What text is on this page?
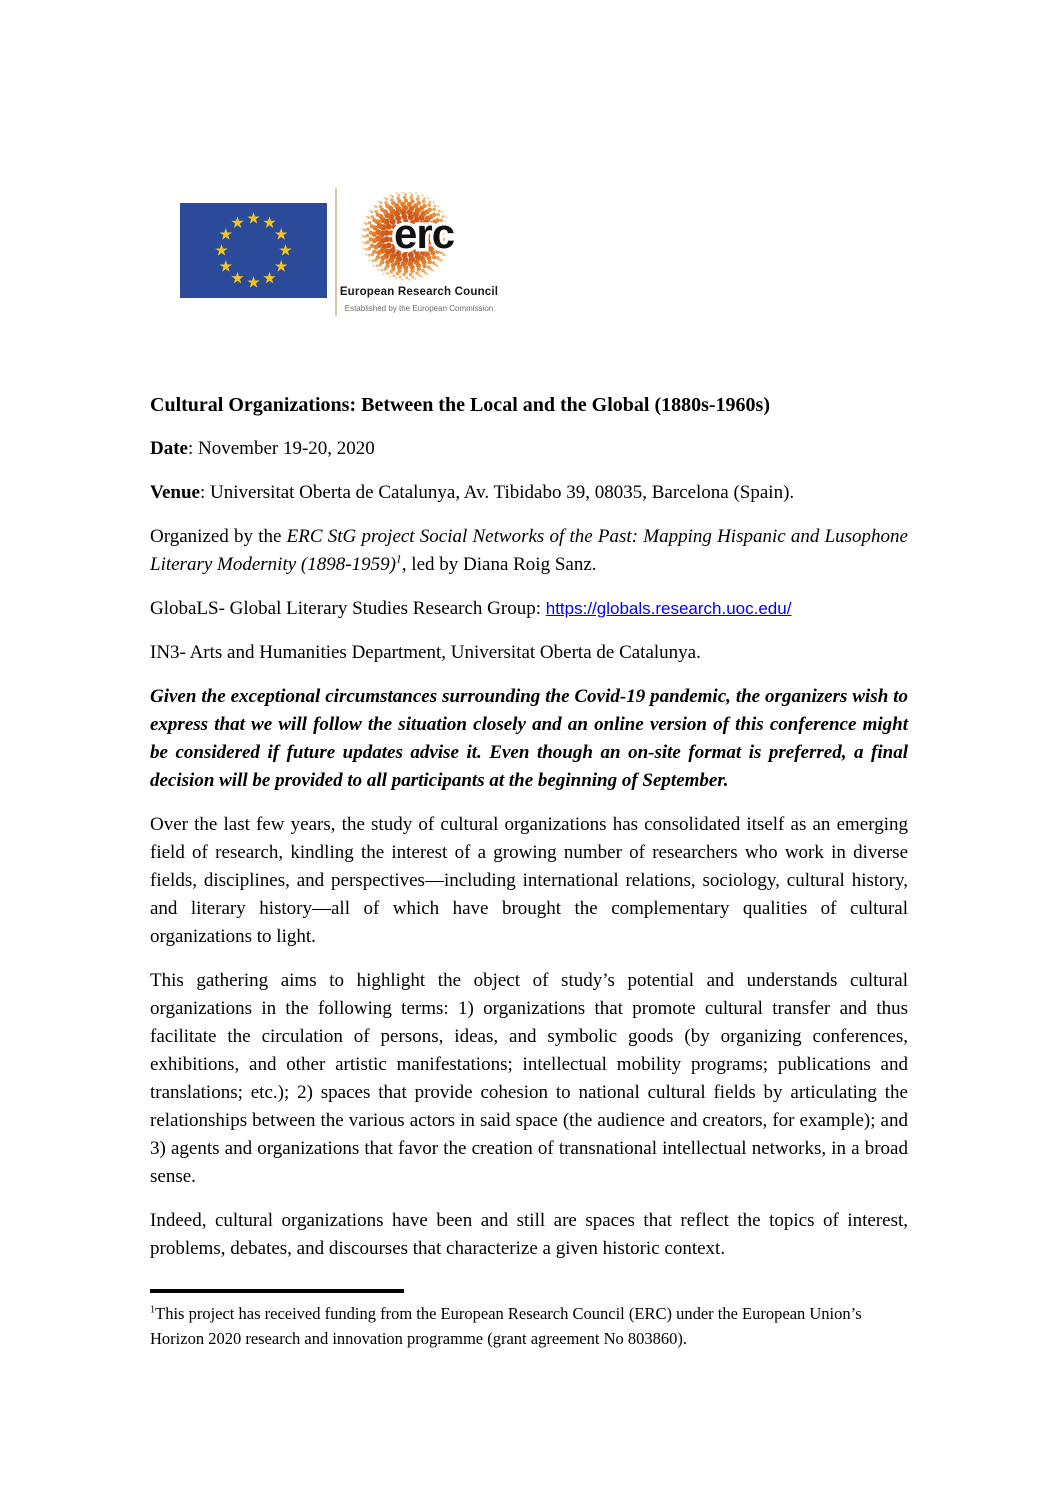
erc
European Research Council
Established by the European Commission
Cultural Organizations: Between the Local and the Global (1880s-1960s)

Date: November 19-20, 2020

Venue: Universitat Oberta de Catalunya, Av. Tibidabo 39, 08035, Barcelona (Spain).

Organized by the ERC StG project Social Networks of the Past: Mapping Hispanic and Lusophone Literary Modernity (1898-1959)$^1$, led by Diana Roig Sanz.

GlobaLS- Global Literary Studies Research Group: https://globals.research.uoc.edu/

IN3- Arts and Humanities Department, Universitat Oberta de Catalunya.

Given the exceptional circumstances surrounding the Covid-19 pandemic, the organizers wish to express that we will follow the situation closely and an online version of this conference might be considered if future updates advise it. Even though an on-site format is preferred, a final decision will be provided to all participants at the beginning of September.

Over the last few years, the study of cultural organizations has consolidated itself as an emerging field of research, kindling the interest of a growing number of researchers who work in diverse fields, disciplines, and perspectives—including international relations, sociology, cultural history, and literary history—all of which have brought the complementary qualities of cultural organizations to light.

This gathering aims to highlight the object of study’s potential and understands cultural organizations in the following terms: 1) organizations that promote cultural transfer and thus facilitate the circulation of persons, ideas, and symbolic goods (by organizing conferences, exhibitions, and other artistic manifestations; intellectual mobility programs; publications and translations; etc.); 2) spaces that provide cohesion to national cultural fields by articulating the relationships between the various actors in said space (the audience and creators, for example); and 3) agents and organizations that favor the creation of transnational intellectual networks, in a broad sense.

Indeed, cultural organizations have been and still are spaces that reflect the topics of interest, problems, debates, and discourses that characterize a given historic context.

$^1$This project has received funding from the European Research Council (ERC) under the European Union’s Horizon 2020 research and innovation programme (grant agreement No 803860).
